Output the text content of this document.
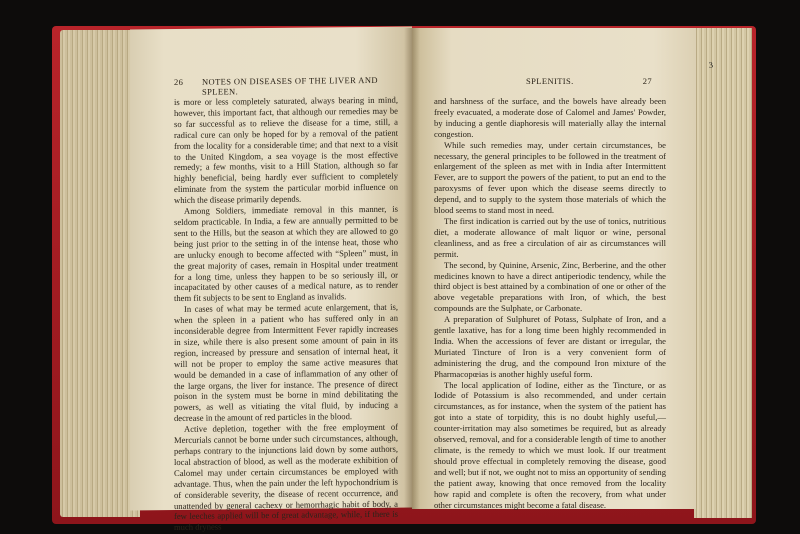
26 NOTES ON DISEASES OF THE LIVER AND SPLEEN.

is more or less completely saturated, always bearing in mind, however, this important fact, that although our remedies may be so far successful as to relieve the disease for a time, still, a radical cure can only be hoped for by a removal of the patient from the locality for a considerable time; and that next to a visit to the United Kingdom, a sea voyage is the most effective remedy; a few months, visit to a Hill Station, although so far highly beneficial, being hardly ever sufficient to completely eliminate from the system the particular morbid influence on which the disease primarily depends.

Among Soldiers, immediate removal in this manner, is seldom practicable. In India, a few are annually permitted to be sent to the Hills, but the season at which they are allowed to go being just prior to the setting in of the intense heat, those who are unlucky enough to become affected with “Spleen” must, in the great majority of cases, remain in Hospital under treatment for a long time, unless they happen to be so seriously ill, or incapacitated by other causes of a medical nature, as to render them fit subjects to be sent to England as invalids.

In cases of what may be termed acute enlargement, that is, when the spleen in a patient who has suffered only in an inconsiderable degree from Intermittent Fever rapidly increases in size, while there is also present some amount of pain in its region, increased by pressure and sensation of internal heat, it will not be proper to employ the same active measures that would be demanded in a case of inflammation of any other of the large organs, the liver for instance. The presence of direct poison in the system must be borne in mind debilitating the powers, as well as vitiating the vital fluid, by inducing a decrease in the amount of red particles in the blood.

Active depletion, together with the free employment of Mercurials cannot be borne under such circumstances, although, perhaps contrary to the injunctions laid down by some authors, local abstraction of blood, as well as the moderate exhibition of Calomel may under certain circumstances be employed with advantage. Thus, when the pain under the left hypochondrium is of considerable severity, the disease of recent occurrence, and unattended by general cachexy or hemorrhagic habit of body, a few leeches applied will be of great advantage, while, if there is much dryness

SPLENITIS.	27

and harshness of the surface, and the bowels have already been freely evacuated, a moderate dose of Calomel and James' Powder, by inducing a gentle diaphoresis will materially allay the internal congestion.

While such remedies may, under certain circumstances, be necessary, the general principles to be followed in the treatment of enlargement of the spleen as met with in India after Intermittent Fever, are to support the powers of the patient, to put an end to the paroxysms of fever upon which the disease seems directly to depend, and to supply to the system those materials of which the blood seems to stand most in need.

The first indication is carried out by the use of tonics, nutritious diet, a moderate allowance of malt liquor or wine, personal cleanliness, and as free a circulation of air as circumstances will permit.

The second, by Quinine, Arsenic, Zinc, Berberine, and the other medicines known to have a direct antiperiodic tendency, while the third object is best attained by a combination of one or other of the above vegetable preparations with Iron, of which, the best compounds are the Sulphate, or Carbonate.

A preparation of Sulphuret of Potass, Sulphate of Iron, and a gentle laxative, has for a long time been highly recommended in India. When the accessions of fever are distant or irregular, the Muriated Tincture of Iron is a very convenient form of administering the drug, and the compound Iron mixture of the Pharmacopœias is another highly useful form.

The local application of Iodine, either as the Tincture, or as Iodide of Potassium is also recommended, and under certain circumstances, as for instance, when the system of the patient has got into a state of torpidity, this is no doubt highly useful,—counter-irritation may also sometimes be required, but as already observed, removal, and for a considerable length of time to another climate, is the remedy to which we must look. If our treatment should prove effectual in completely removing the disease, good and well; but if not, we ought not to miss an opportunity of sending the patient away, knowing that once removed from the locality how rapid and complete is often the recovery, from what under other circumstances might become a fatal disease.

₃
